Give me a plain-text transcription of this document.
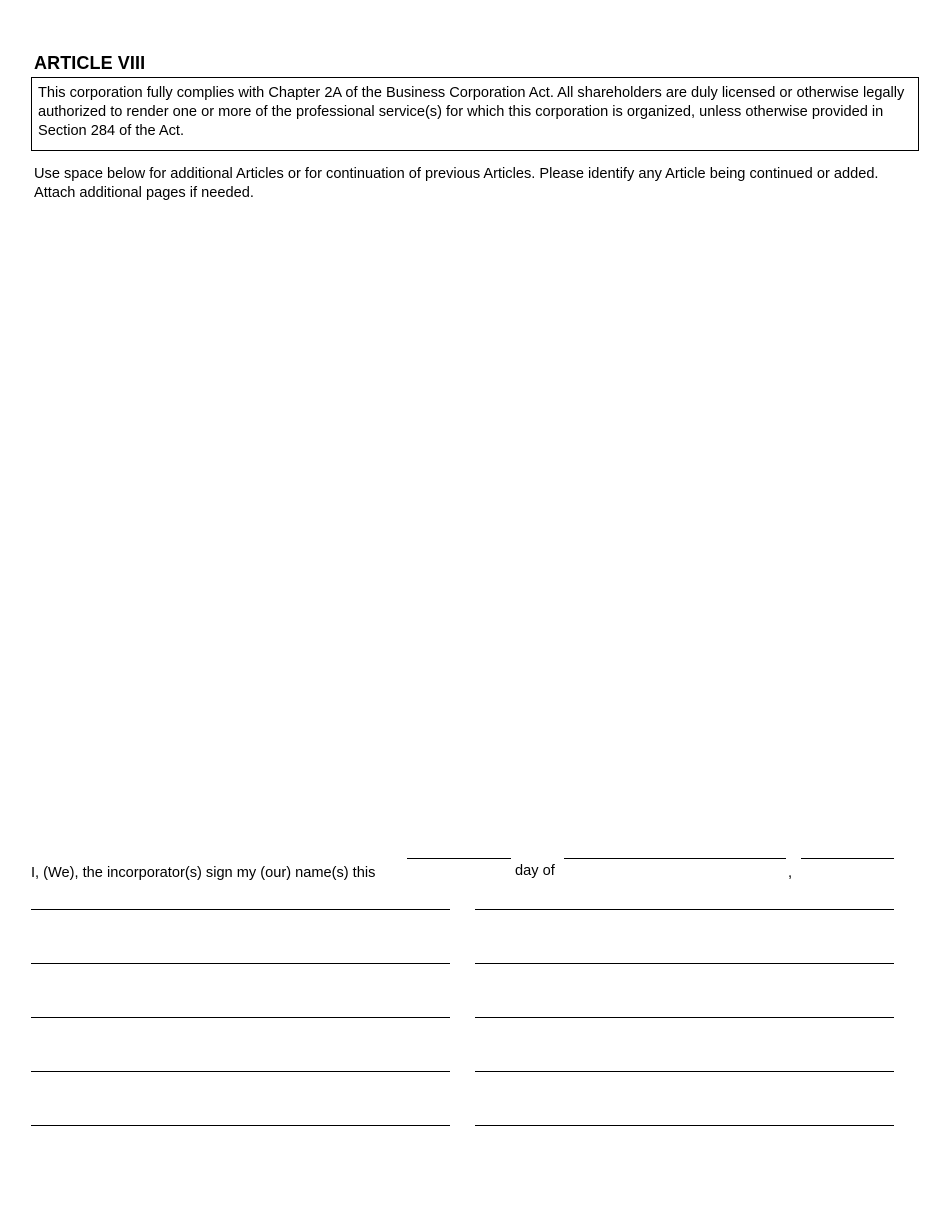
ARTICLE VIII
This corporation fully complies with Chapter 2A of the Business Corporation Act. All shareholders are duly licensed or otherwise legally authorized to render one or more of the professional service(s) for which this corporation is organized, unless otherwise provided in Section 284 of the Act.
Use space below for additional Articles or for continuation of previous Articles. Please identify any Article being continued or added. Attach additional pages if needed.
I, (We), the incorporator(s) sign my (our) name(s) this	day of	,
